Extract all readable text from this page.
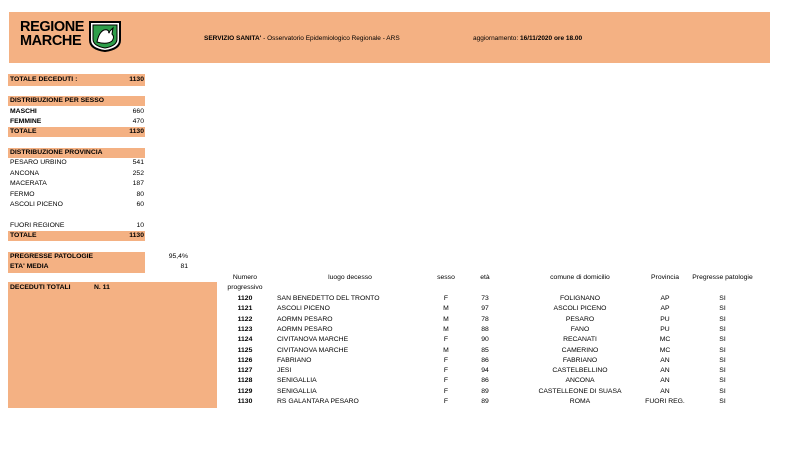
REGIONE
MARCHE	SERVIZIO SANITA' - Osservatorio Epidemiologico Regionale - ARS	aggiornamento: 16/11/2020 ore 18.00
TOTALE DECEDUTI :	1130
DISTRIBUZIONE PER SESSO
MASCHI	660
FEMMINE	470
TOTALE	1130
DISTRIBUZIONE PROVINCIA
PESARO URBINO	541
ANCONA	252
MACERATA	187
FERMO	80
ASCOLI PICENO	60
FUORI REGIONE	10
TOTALE	1130
PREGRESSE PATOLOGIE	95,4%
ETA' MEDIA	81
DECEDUTI TOTALI	N. 11
Numero
progressivo
luogo decesso	sesso	età	comune di domicilio	Provincia	Pregresse patologie
1120	SAN BENEDETTO DEL TRONTO	F	73	FOLIGNANO	AP	SI
1121	ASCOLI PICENO	M	97	ASCOLI PICENO	AP	SI
1122	AORMN PESARO	M	78	PESARO	PU	SI
1123	AORMN PESARO	M	88	FANO	PU	SI
1124	CIVITANOVA MARCHE	F	90	RECANATI	MC	SI
1125	CIVITANOVA MARCHE	M	85	CAMERINO	MC	SI
1126	FABRIANO	F	86	FABRIANO	AN	SI
1127	JESI	F	94	CASTELBELLINO	AN	SI
1128	SENIGALLIA	F	86	ANCONA	AN	SI
1129	SENIGALLIA	F	89	CASTELLEONE DI SUASA	AN	SI
1130	RS GALANTARA PESARO	F	89	ROMA	FUORI REG.	SI
